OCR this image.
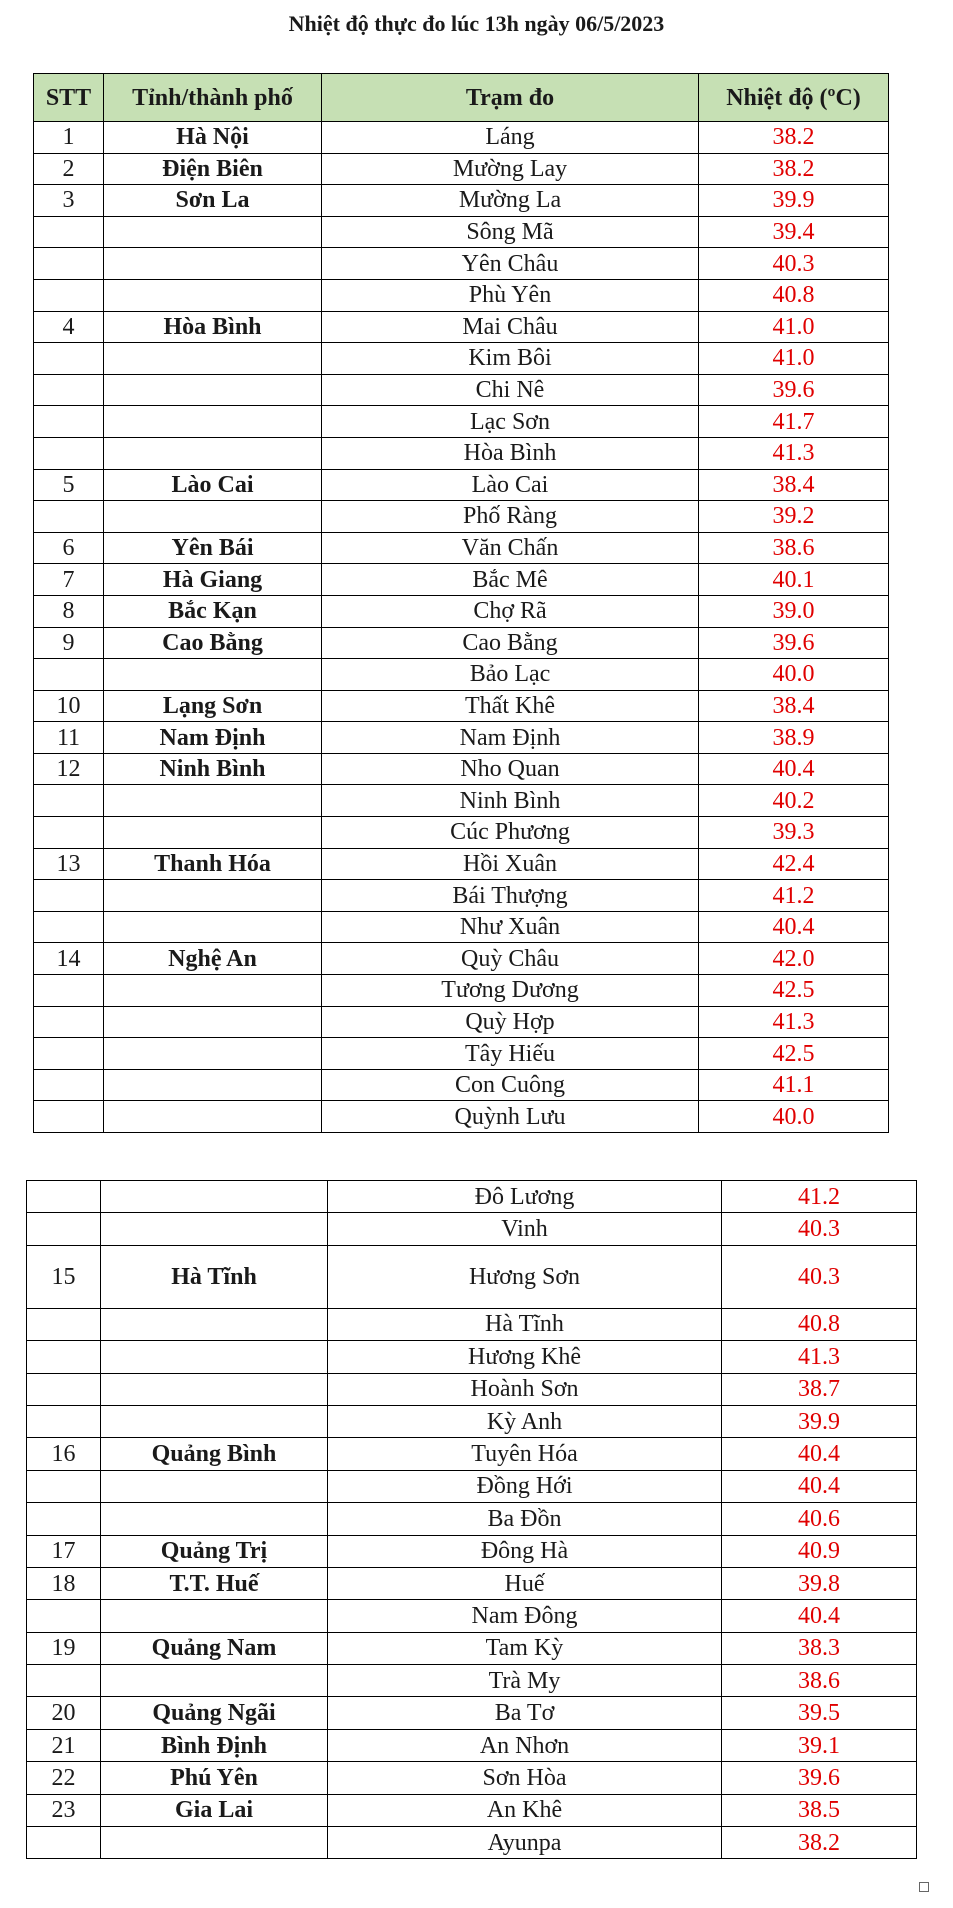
Nhiệt độ thực đo lúc 13h ngày 06/5/2023
STT	Tỉnh/thành phố	Trạm đo	Nhiệt độ (ºC)
1	Hà Nội	Láng	38.2
2	Điện Biên	Mường Lay	38.2
3	Sơn La	Mường La	39.9
		Sông Mã	39.4
		Yên Châu	40.3
		Phù Yên	40.8
4	Hòa Bình	Mai Châu	41.0
		Kim Bôi	41.0
		Chi Nê	39.6
		Lạc Sơn	41.7
		Hòa Bình	41.3
5	Lào Cai	Lào Cai	38.4
		Phố Ràng	39.2
6	Yên Bái	Văn Chấn	38.6
7	Hà Giang	Bắc Mê	40.1
8	Bắc Kạn	Chợ Rã	39.0
9	Cao Bằng	Cao Bằng	39.6
		Bảo Lạc	40.0
10	Lạng Sơn	Thất Khê	38.4
11	Nam Định	Nam Định	38.9
12	Ninh Bình	Nho Quan	40.4
		Ninh Bình	40.2
		Cúc Phương	39.3
13	Thanh Hóa	Hồi Xuân	42.4
		Bái Thượng	41.2
		Như Xuân	40.4
14	Nghệ An	Quỳ Châu	42.0
		Tương Dương	42.5
		Quỳ Hợp	41.3
		Tây Hiếu	42.5
		Con Cuông	41.1
		Quỳnh Lưu	40.0
		Đô Lương	41.2
		Vinh	40.3
15	Hà Tĩnh	Hương Sơn	40.3
		Hà Tĩnh	40.8
		Hương Khê	41.3
		Hoành Sơn	38.7
		Kỳ Anh	39.9
16	Quảng Bình	Tuyên Hóa	40.4
		Đồng Hới	40.4
		Ba Đồn	40.6
17	Quảng Trị	Đông Hà	40.9
18	T.T. Huế	Huế	39.8
		Nam Đông	40.4
19	Quảng Nam	Tam Kỳ	38.3
		Trà My	38.6
20	Quảng Ngãi	Ba Tơ	39.5
21	Bình Định	An Nhơn	39.1
22	Phú Yên	Sơn Hòa	39.6
23	Gia Lai	An Khê	38.5
		Ayunpa	38.2
